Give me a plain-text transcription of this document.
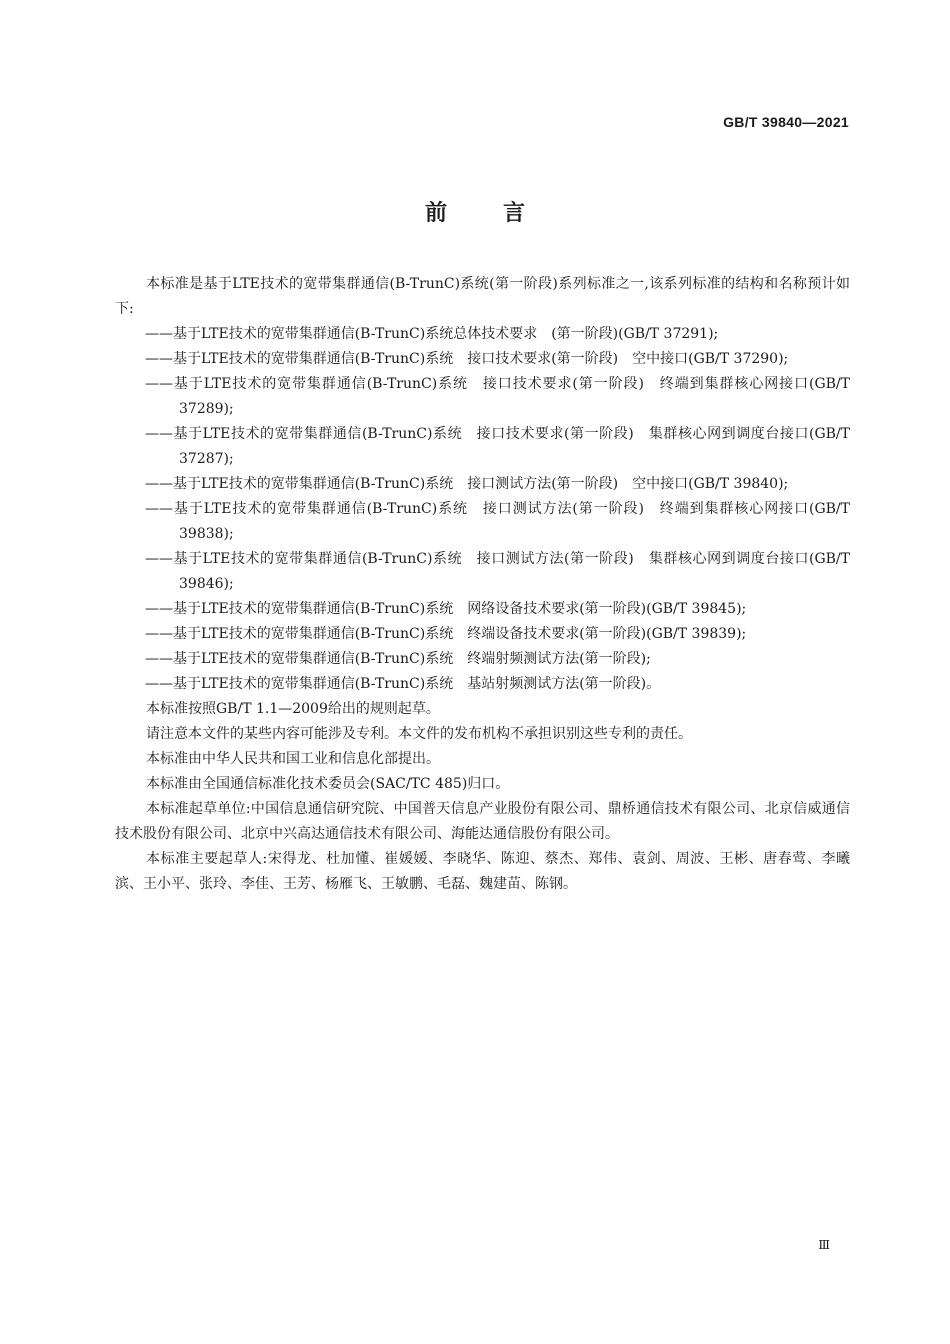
GB/T 39840—2021
前言

本标准是基于LTE技术的宽带集群通信(B-TrunC)系统(第一阶段)系列标准之一,该系列标准的结构和名称预计如下:

——基于LTE技术的宽带集群通信(B-TrunC)系统总体技术要求　(第一阶段)(GB/T 37291);

——基于LTE技术的宽带集群通信(B-TrunC)系统　接口技术要求(第一阶段)　空中接口(GB/T 37290);

——基于LTE技术的宽带集群通信(B-TrunC)系统　接口技术要求(第一阶段)　终端到集群核心网接口(GB/T 37289);

——基于LTE技术的宽带集群通信(B-TrunC)系统　接口技术要求(第一阶段)　集群核心网到调度台接口(GB/T 37287);

——基于LTE技术的宽带集群通信(B-TrunC)系统　接口测试方法(第一阶段)　空中接口(GB/T 39840);

——基于LTE技术的宽带集群通信(B-TrunC)系统　接口测试方法(第一阶段)　终端到集群核心网接口(GB/T 39838);

——基于LTE技术的宽带集群通信(B-TrunC)系统　接口测试方法(第一阶段)　集群核心网到调度台接口(GB/T 39846);

——基于LTE技术的宽带集群通信(B-TrunC)系统　网络设备技术要求(第一阶段)(GB/T 39845);

——基于LTE技术的宽带集群通信(B-TrunC)系统　终端设备技术要求(第一阶段)(GB/T 39839);

——基于LTE技术的宽带集群通信(B-TrunC)系统　终端射频测试方法(第一阶段);

——基于LTE技术的宽带集群通信(B-TrunC)系统　基站射频测试方法(第一阶段)。

本标准按照GB/T 1.1—2009给出的规则起草。

请注意本文件的某些内容可能涉及专利。本文件的发布机构不承担识别这些专利的责任。

本标准由中华人民共和国工业和信息化部提出。

本标准由全国通信标准化技术委员会(SAC/TC 485)归口。

本标准起草单位:中国信息通信研究院、中国普天信息产业股份有限公司、鼎桥通信技术有限公司、北京信威通信技术股份有限公司、北京中兴高达通信技术有限公司、海能达通信股份有限公司。

本标准主要起草人:宋得龙、杜加懂、崔媛媛、李晓华、陈迎、蔡杰、郑伟、袁剑、周波、王彬、唐春莺、李曦滨、王小平、张玲、李佳、王芳、杨雁飞、王敏鹏、毛磊、魏建苗、陈钢。

Ⅲ
